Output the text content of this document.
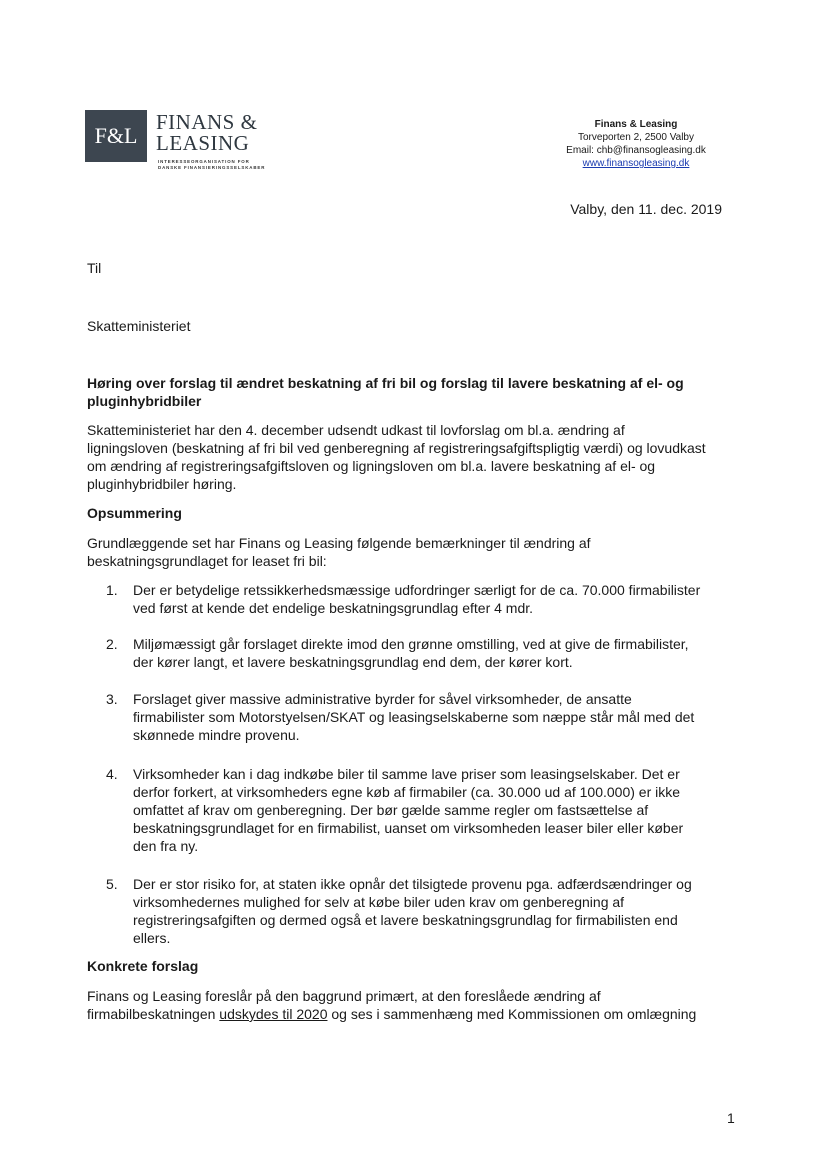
F&L
FINANS &
LEASING
INTERESSEORGANISATION FOR
DANSKE FINANSIERINGSSELSKABER
Finans & Leasing
Torveporten 2, 2500 Valby
Email: chb@finansogleasing.dk
www.finansogleasing.dk
Valby, den 11. dec. 2019
Til
Skatteministeriet
Høring over forslag til ændret beskatning af fri bil og forslag til lavere beskatning af el- og
pluginhybridbiler
Skatteministeriet har den 4. december udsendt udkast til lovforslag om bl.a. ændring af
ligningsloven (beskatning af fri bil ved genberegning af registreringsafgiftspligtig værdi) og lovudkast
om ændring af registreringsafgiftsloven og ligningsloven om bl.a. lavere beskatning af el- og
pluginhybridbiler høring.
Opsummering
Grundlæggende set har Finans og Leasing følgende bemærkninger til ændring af
beskatningsgrundlaget for leaset fri bil:
1. Der er betydelige retssikkerhedsmæssige udfordringer særligt for de ca. 70.000 firmabilister
ved først at kende det endelige beskatningsgrundlag efter 4 mdr.
2. Miljømæssigt går forslaget direkte imod den grønne omstilling, ved at give de firmabilister,
der kører langt, et lavere beskatningsgrundlag end dem, der kører kort.
3. Forslaget giver massive administrative byrder for såvel virksomheder, de ansatte
firmabilister som Motorstyelsen/SKAT og leasingselskaberne som næppe står mål med det
skønnede mindre provenu.
4. Virksomheder kan i dag indkøbe biler til samme lave priser som leasingselskaber. Det er
derfor forkert, at virksomheders egne køb af firmabiler (ca. 30.000 ud af 100.000) er ikke
omfattet af krav om genberegning. Der bør gælde samme regler om fastsættelse af
beskatningsgrundlaget for en firmabilist, uanset om virksomheden leaser biler eller køber
den fra ny.
5. Der er stor risiko for, at staten ikke opnår det tilsigtede provenu pga. adfærdsændringer og
virksomhedernes mulighed for selv at købe biler uden krav om genberegning af
registreringsafgiften og dermed også et lavere beskatningsgrundlag for firmabilisten end
ellers.
Konkrete forslag
Finans og Leasing foreslår på den baggrund primært, at den foreslåede ændring af
firmabilbeskatningen udskydes til 2020 og ses i sammenhæng med Kommissionen om omlægning
1
